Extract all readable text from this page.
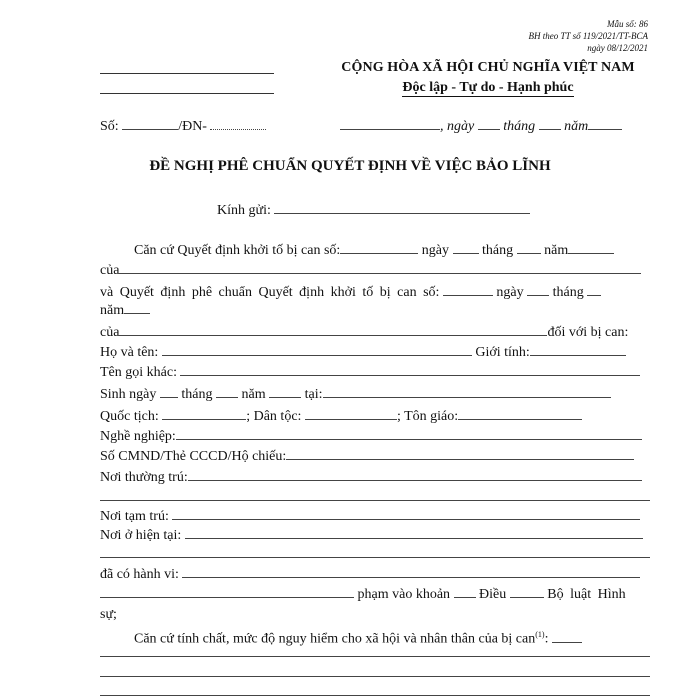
Mẫu số: 86
BH theo TT số 119/2021/TT-BCA
ngày 08/12/2021
CỘNG HÒA XÃ HỘI CHỦ NGHĨA VIỆT NAM
Độc lập - Tự do - Hạnh phúc
Số:	/ĐN-	, ngày tháng năm
ĐỀ NGHỊ PHÊ CHUẨN QUYẾT ĐỊNH VỀ VIỆC BẢO LĨNH
Kính gửi:
Căn cứ Quyết định khởi tố bị can số:	ngày tháng năm
của
và Quyết định phê chuẩn Quyết định khởi tố bị can số:	ngày tháng
năm
của	đối với bị can:
Họ và tên:	Giới tính:
Tên gọi khác:
Sinh ngày tháng năm	tại:
Quốc tịch:	; Dân tộc:	; Tôn giáo:
Nghề nghiệp:
Số CMND/Thẻ CCCD/Hộ chiếu:
Nơi thường trú:
Nơi tạm trú:
Nơi ở hiện tại:
đã có hành vi:
phạm vào khoản Điều	Bộ luật Hình
sự;
Căn cứ tính chất, mức độ nguy hiểm cho xã hội và nhân thân của bị can$^{(1)}$:
